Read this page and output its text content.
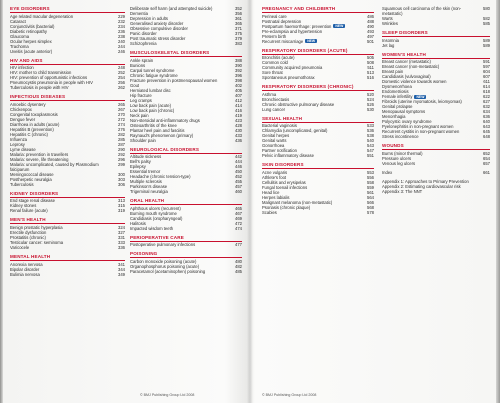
EYE DISORDERS
Age related macular degeneration	229
Cataract	232
Conjunctivitis (bacterial)	234
Diabetic retinopathy	236
Glaucoma	238
Ocular herpes simplex	240
Trachoma	244
Uveitis (acute anterior)	246
HIV AND AIDS
HIV infection	248
HIV: mother to child transmission	252
HIV: prevention of opportunistic infections	254
Pneumocystis pneumonia in people with HIV	256
Tuberculosis in people with HIV	262
INFECTIOUS DISEASES
Amoebic dysentery	265
Chickenpox	267
Congenital toxoplasmosis	270
Dengue fever	272
Diarrhoea in adults (acute)	274
Hepatitis B (prevention)	276
Hepatitis C (chronic)	282
Influenza	285
Leprosy	287
Lyme disease	290
Malaria: prevention in travellers	292
Malaria: severe, life threatening	296
Malaria: uncomplicated, caused by Plasmodium falciparum
299
Meningococcal disease	300
Postherpetic neuralgia	303
Tuberculosis	306
KIDNEY DISORDERS
End stage renal disease	313
Kidney stones	315
Renal failure (acute)	319
MEN'S HEALTH
Benign prostatic hyperplasia	324
Erectile dysfunction	327
Prostatitis (chronic)	331
Testicular cancer: seminoma	333
Varicocele	336
MENTAL HEALTH
Anorexia nervosa	341
Bipolar disorder	344
Bulimia nervosa	349
Deliberate self harm (and attempted suicide)	352
Dementia	356
Depression in adults	361
Generalised anxiety disorder	365
Obsessive compulsive disorder	371
Panic disorder	375
Post traumatic stress disorder	379
Schizophrenia	383
MUSCULOSKELETAL DISORDERS
Ankle sprain	388
Bunions	390
Carpal tunnel syndrome	392
Chronic fatigue syndrome	396
Fracture prevention in postmenopausal women	398
Gout	402
Herniated lumbar disc	405
Hip fracture	407
Leg cramps	412
Low back pain (acute)	414
Low back pain (chronic)	416
Neck pain	419
Non-steroidal anti-inflammatory drugs	423
Osteoarthritis of the knee	428
Plantar heel pain and fasciitis	430
Raynaud's phenomenon (primary)	433
Shoulder pain	436
NEUROLOGICAL DISORDERS
Altitude sickness	442
Bell's palsy	444
Epilepsy	446
Essential tremor	450
Headache (chronic tension-type)	452
Multiple sclerosis	455
Parkinson's disease	457
Trigeminal neuralgia	460
ORAL HEALTH
Aphthous ulcers (recurrent)	465
Burning mouth syndrome	467
Candidiasis (oropharyngeal)	469
Halitosis	472
Impacted wisdom teeth	474
PERIOPERATIVE CARE
Postoperative pulmonary infections	477
POISONING
Carbon monoxide poisoning (acute)	480
Organophosphorus poisoning (acute)	482
Paracetamol (acetaminophen) poisoning	485
PREGNANCY AND CHILDBIRTH
Perineal care	486
Postnatal depression	488
Postpartum haemorrhage: prevention NEW	490
Pre-eclampsia and hypertension	493
Preterm birth	497
Recurrent miscarriage NEW	501
RESPIRATORY DISORDERS (ACUTE)
Bronchitis (acute)	505
Common cold	508
Community acquired pneumonia	511
Sore throat	513
Spontaneous pneumothorax	516
RESPIRATORY DISORDERS (CHRONIC)
Asthma	520
Bronchiectasis	524
Chronic obstructive pulmonary disease	526
Lung cancer	530
SEXUAL HEALTH
Bacterial vaginosis	533
Chlamydia (uncomplicated, genital)	536
Genital herpes	538
Genital warts	540
Gonorrhoea	543
Partner notification	547
Pelvic inflammatory disease	551
SKIN DISORDERS
Acne vulgaris	553
Athlete's foot	556
Cellulitis and erysipelas	558
Fungal toenail infections	559
Head lice	561
Herpes labialis	564
Malignant melanoma (non-metastatic)	566
Psoriasis (chronic plaque)	568
Scabies	578
Squamous cell carcinoma of the skin (non-metastatic)
580
Warts	582
Wrinkles	585
SLEEP DISORDERS
Insomnia	589
Jet lag	589
WOMEN'S HEALTH
Breast cancer (metastatic)	591
Breast cancer (non-metastatic)	597
Breast pain	604
Candidiasis (vulvovaginal)	607
Domestic violence towards women	611
Dysmenorrhoea	614
Endometriosis	618
Female infertility NEW	622
Fibroids (uterine myomatosis, leiomyomas)	627
Genital prolapse	632
Menopausal symptoms	634
Menorrhagia	636
Polycystic ovary syndrome	640
Pyelonephritis in non-pregnant women	643
Recurrent cystitis in non-pregnant women	645
Stress incontinence	648
WOUNDS
Burns (minor thermal)	652
Pressure ulcers	654
Venous leg ulcers	657
Index	661
Appendix 1: Approaches to Primary Prevention
Appendix 2: Estimating cardiovascular risk
Appendix 3: The NNT
© BMJ Publishing Group Ltd 2008	© BMJ Publishing Group Ltd 2008
